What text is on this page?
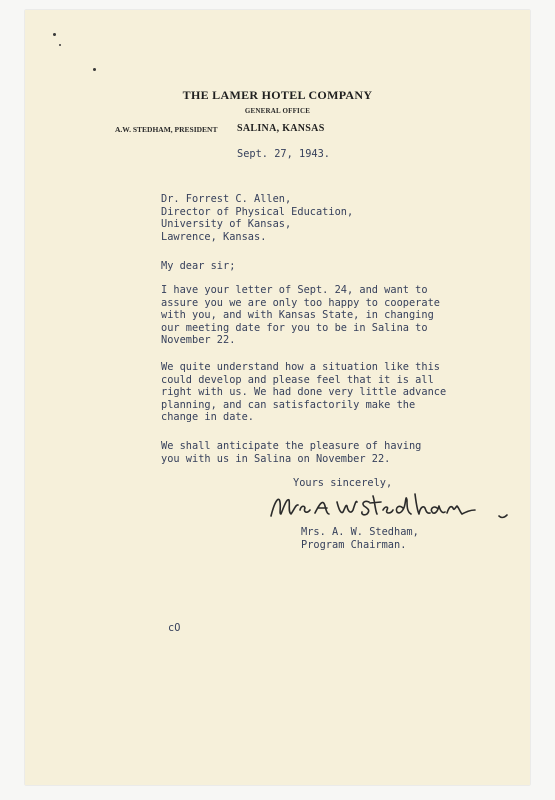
THE LAMER HOTEL COMPANY
GENERAL OFFICE
A.W. STEDHAM, PRESIDENT SALINA, KANSAS
Sept. 27, 1943.
Dr. Forrest C. Allen,
Director of Physical Education,
University of Kansas,
Lawrence, Kansas.
My dear sir;
I have your letter of Sept. 24, and want to
assure you we are only too happy to cooperate
with you, and with Kansas State, in changing
our meeting date for you to be in Salina to
November 22.
We quite understand how a situation like this
could develop and please feel that it is all
right with us. We had done very little advance
planning, and can satisfactorily make the
change in date.
We shall anticipate the pleasure of having
you with us in Salina on November 22.
Yours sincerely,
Mrs. A. W. Stedham,
Program Chairman.
cO
